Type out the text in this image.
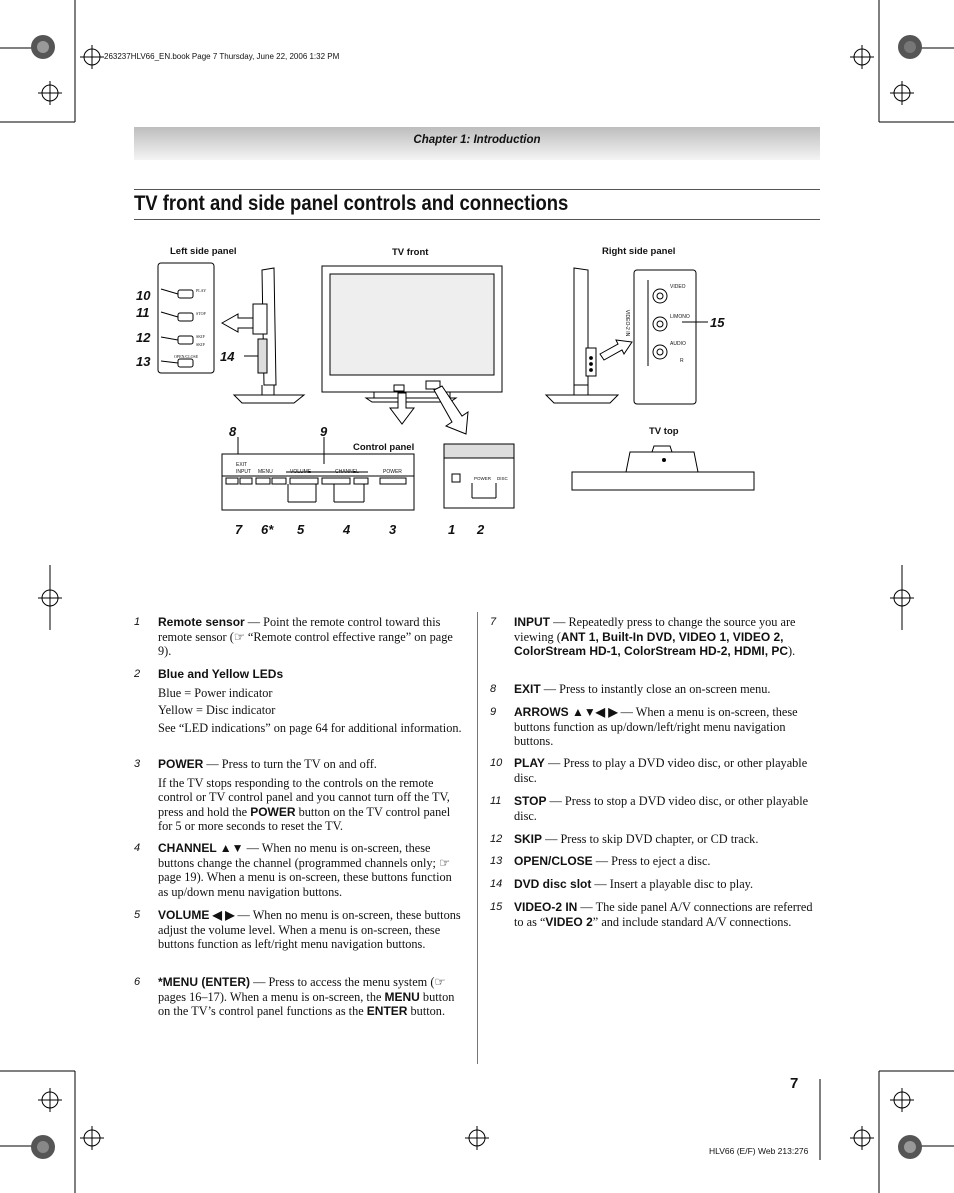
263237HLV66_EN.book Page 7 Thursday, June 22, 2006 1:32 PM
Chapter 1: Introduction
TV front and side panel controls and connections
Left side panel	TV front	Right side panel
Control panel
TV top
PLAY
STOP
SKIP
SKIP
OPEN/CLOSE
VIDEO
L/MONO
AUDIO
R
VIDEO-2 IN
EXIT
INPUT MENU	VOLUME	CHANNEL	POWER
POWER DISC
10
11
12
13	14
15
8	9
7 6* 5	4	3	1 2
1 Remote sensor — Point the remote control toward this remote sensor (☞ “Remote control effective range” on page 9).
2 Blue and Yellow LEDs
Blue = Power indicator
Yellow = Disc indicator
See “LED indications” on page 64 for additional information.
3 POWER — Press to turn the TV on and off.
If the TV stops responding to the controls on the remote control or TV control panel and you cannot turn off the TV, press and hold the POWER button on the TV control panel for 5 or more seconds to reset the TV.
4 CHANNEL ▲▼ — When no menu is on-screen, these buttons change the channel (programmed channels only; ☞ page 19). When a menu is on-screen, these buttons function as up/down menu navigation buttons.
5 VOLUME ◀ ▶ — When no menu is on-screen, these buttons adjust the volume level. When a menu is on-screen, these buttons function as left/right menu navigation buttons.
6 *MENU (ENTER) — Press to access the menu system (☞ pages 16–17). When a menu is on-screen, the MENU button on the TV’s control panel functions as the ENTER button.
7 INPUT — Repeatedly press to change the source you are viewing (ANT 1, Built-In DVD, VIDEO 1, VIDEO 2, ColorStream HD-1, ColorStream HD-2, HDMI, PC).
8 EXIT — Press to instantly close an on-screen menu.
9 ARROWS ▲▼◀ ▶ — When a menu is on-screen, these buttons function as up/down/left/right menu navigation buttons.
10 PLAY — Press to play a DVD video disc, or other playable disc.
11 STOP — Press to stop a DVD video disc, or other playable disc.
12 SKIP — Press to skip DVD chapter, or CD track.
13 OPEN/CLOSE — Press to eject a disc.
14 DVD disc slot — Insert a playable disc to play.
15 VIDEO-2 IN — The side panel A/V connections are referred to as “VIDEO 2” and include standard A/V connections.
7
HLV66 (E/F) Web 213:276
